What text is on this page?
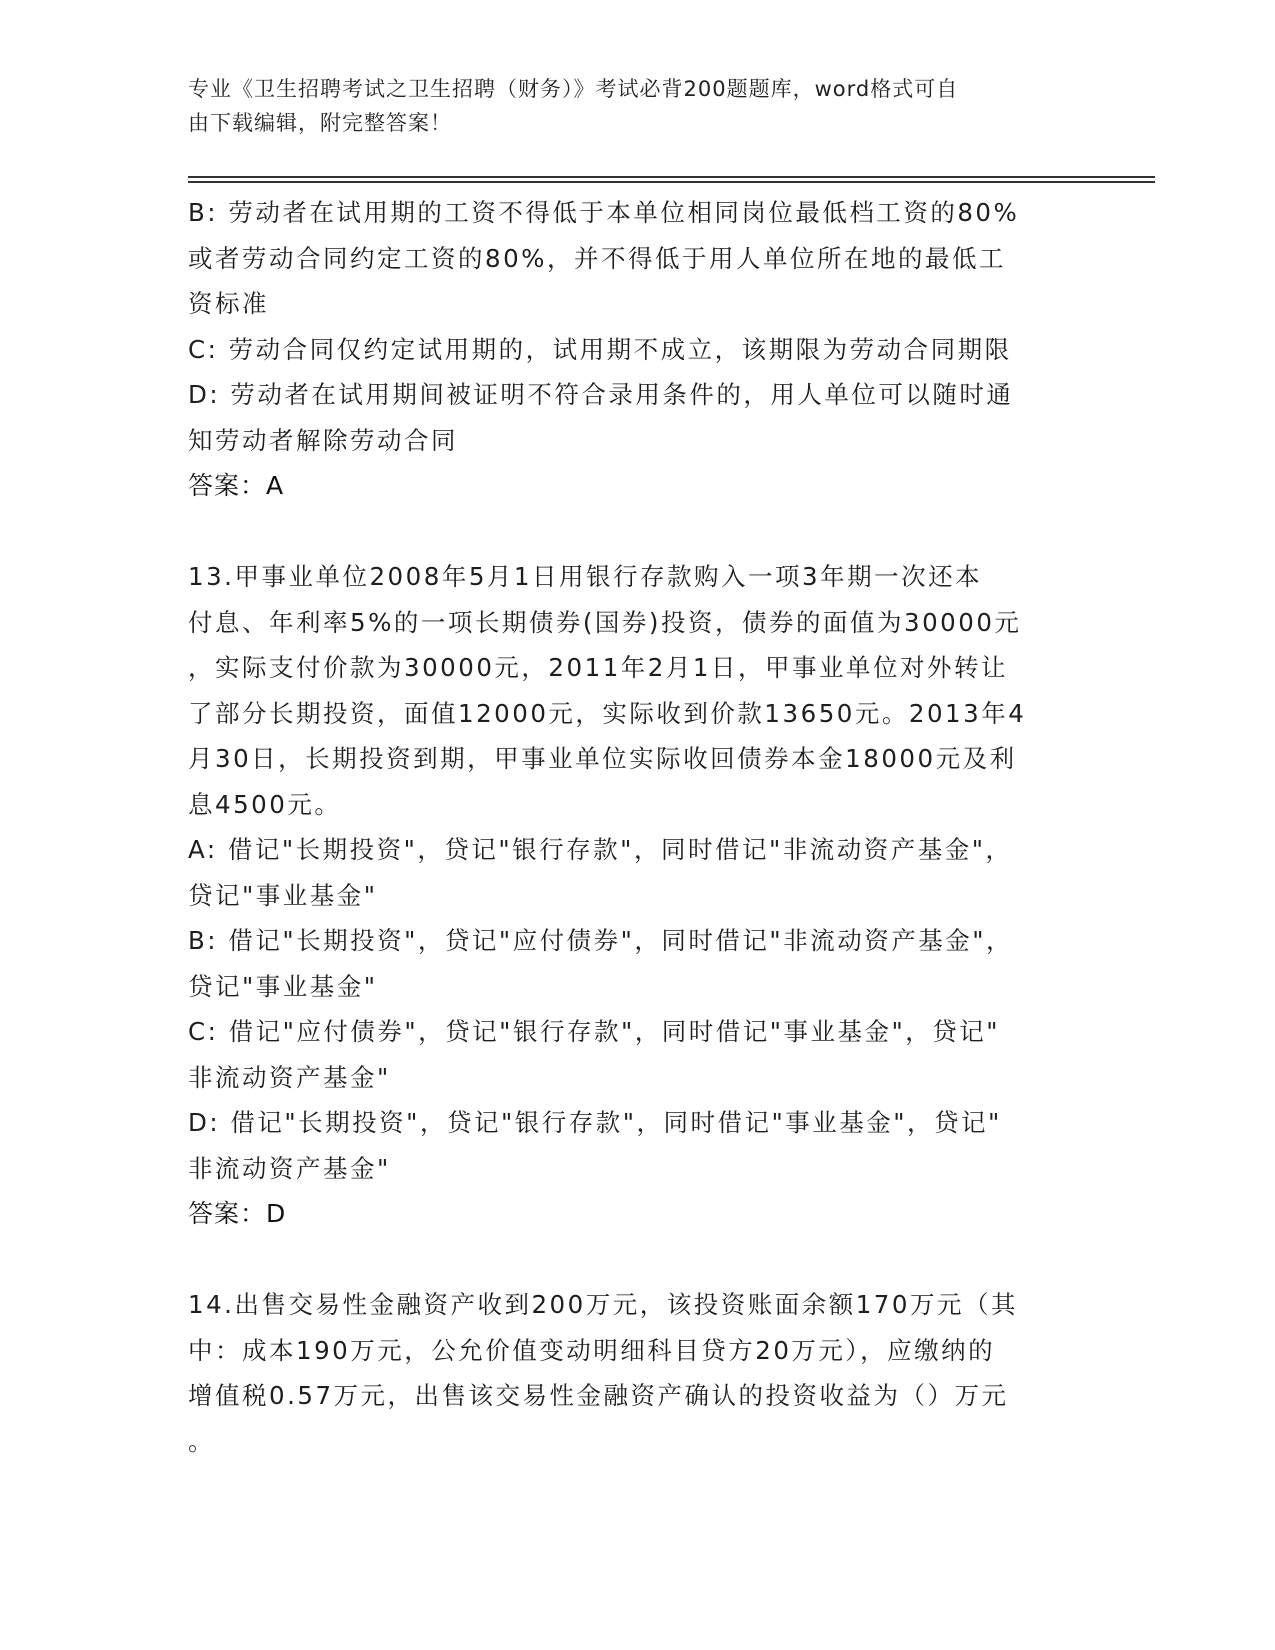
专业《卫生招聘考试之卫生招聘（财务）》考试必背200题题库，word格式可自
由下载编辑，附完整答案！
B: 劳动者在试用期的工资不得低于本单位相同岗位最低档工资的80%
或者劳动合同约定工资的80%，并不得低于用人单位所在地的最低工
资标准
C: 劳动合同仅约定试用期的，试用期不成立，该期限为劳动合同期限
D: 劳动者在试用期间被证明不符合录用条件的，用人单位可以随时通
知劳动者解除劳动合同
答案：A
13.甲事业单位2008年5月1日用银行存款购入一项3年期一次还本
付息、年利率5%的一项长期债券(国券)投资，债券的面值为30000元
，实际支付价款为30000元，2011年2月1日，甲事业单位对外转让
了部分长期投资，面值12000元，实际收到价款13650元。2013年4
月30日，长期投资到期，甲事业单位实际收回债券本金18000元及利
息4500元。
A: 借记"长期投资"，贷记"银行存款"，同时借记"非流动资产基金"，
贷记"事业基金"
B: 借记"长期投资"，贷记"应付债券"，同时借记"非流动资产基金"，
贷记"事业基金"
C: 借记"应付债券"，贷记"银行存款"，同时借记"事业基金"，贷记"
非流动资产基金"
D: 借记"长期投资"，贷记"银行存款"，同时借记"事业基金"，贷记"
非流动资产基金"
答案：D
14.出售交易性金融资产收到200万元，该投资账面余额170万元（其
中：成本190万元，公允价值变动明细科目贷方20万元），应缴纳的
增值税0.57万元，出售该交易性金融资产确认的投资收益为（）万元
。
